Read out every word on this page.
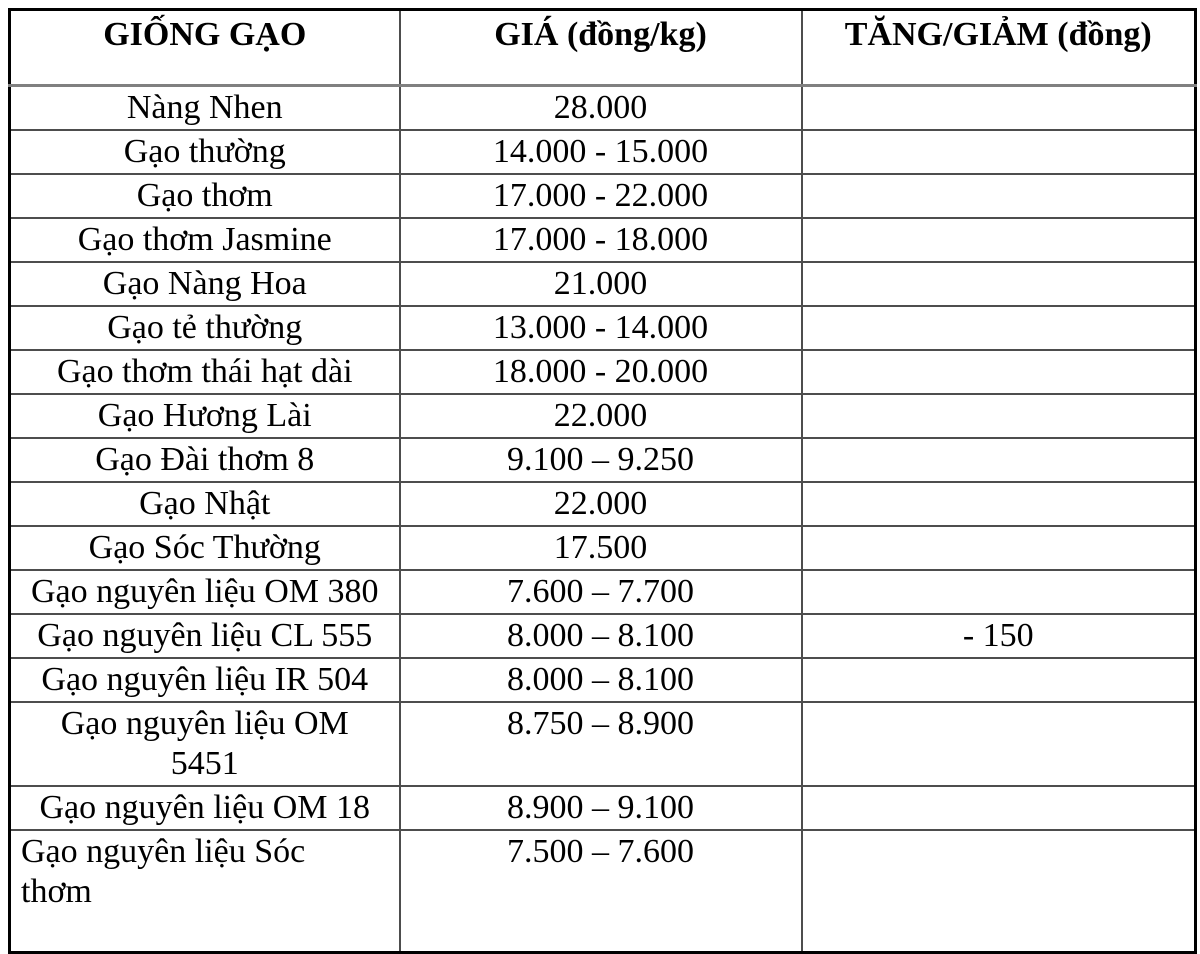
GIỐNG GẠO	GIÁ (đồng/kg)	TĂNG/GIẢM (đồng)
Nàng Nhen	28.000	
Gạo thường	14.000 - 15.000	
Gạo thơm	17.000 - 22.000	
Gạo thơm Jasmine	17.000 - 18.000	
Gạo Nàng Hoa	21.000	
Gạo tẻ thường	13.000 - 14.000	
Gạo thơm thái hạt dài	18.000 - 20.000	
Gạo Hương Lài	22.000	
Gạo Đài thơm 8	9.100 – 9.250	
Gạo Nhật	22.000	
Gạo Sóc Thường	17.500	
Gạo nguyên liệu OM 380	7.600 – 7.700	
Gạo nguyên liệu CL 555	8.000 – 8.100	- 150
Gạo nguyên liệu IR 504	8.000 – 8.100	
Gạo nguyên liệu OM 5451	8.750 – 8.900	
Gạo nguyên liệu OM 18	8.900 – 9.100	
Gạo nguyên liệu Sóc thơm	7.500 – 7.600	
